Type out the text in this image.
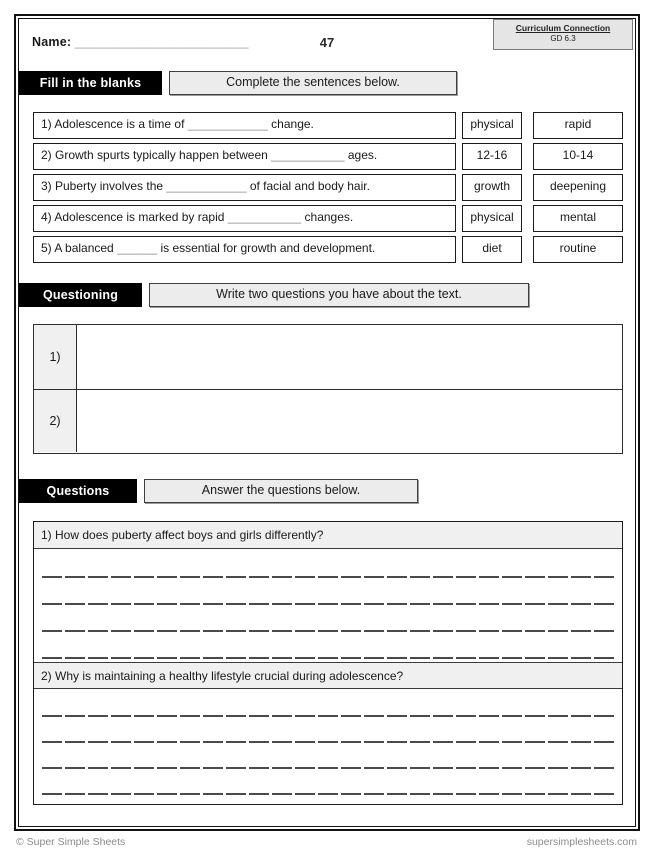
Name: _________________________	47
Curriculum Connection
GD 6.3
Fill in the blanks	Complete the sentences below.
1) Adolescence is a time of ____________ change.	physical	rapid
2) Growth spurts typically happen between ___________ ages.	12-16	10-14
3) Puberty involves the ____________ of facial and body hair.	growth	deepening
4) Adolescence is marked by rapid ___________ changes.	physical	mental
5) A balanced ______ is essential for growth and development.	diet	routine
Questioning	Write two questions you have about the text.
1)
2)
Questions	Answer the questions below.
1) How does puberty affect boys and girls differently?
2) Why is maintaining a healthy lifestyle crucial during adolescence?
© Super Simple Sheets	supersimplesheets.com
